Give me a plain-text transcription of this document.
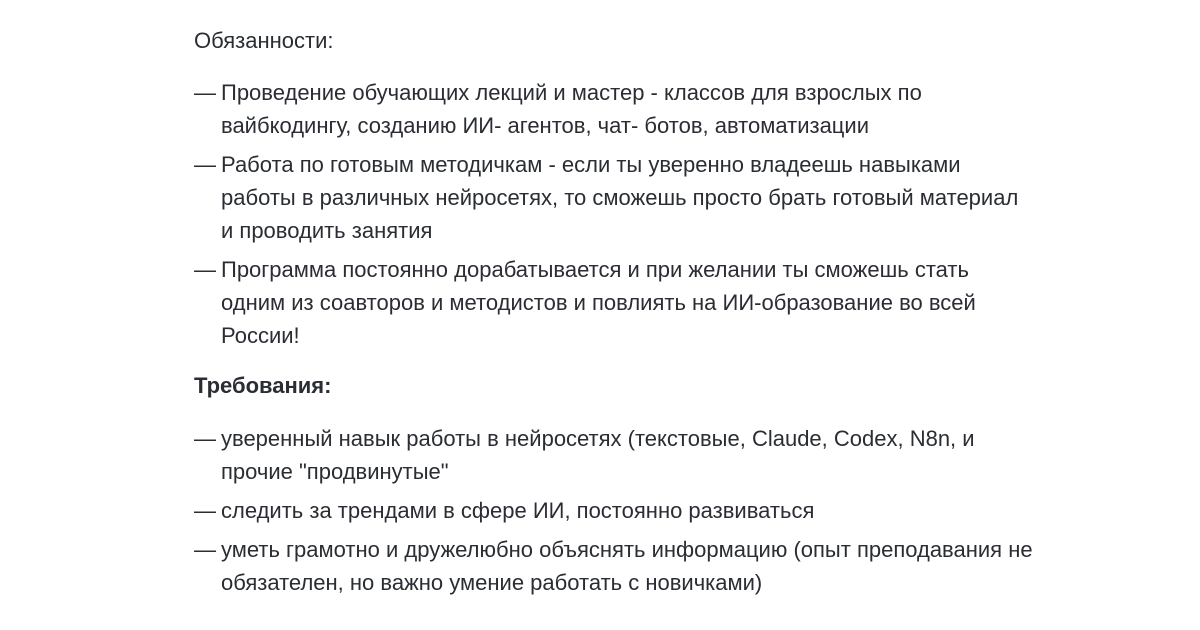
Обязанности:

— Проведение обучающих лекций и мастер - классов для взрослых по вайбкодингу, созданию ИИ- агентов, чат- ботов, автоматизации
— Работа по готовым методичкам - если ты уверенно владеешь навыками работы в различных нейросетях, то сможешь просто брать готовый материал и проводить занятия
— Программа постоянно дорабатывается и при желании ты сможешь стать одним из соавторов и методистов и повлиять на ИИ-образование во всей России!

Требования:

— уверенный навык работы в нейросетях (текстовые, Claude, Codex, N8n, и прочие "продвинутые"
— следить за трендами в сфере ИИ, постоянно развиваться
— уметь грамотно и дружелюбно объяснять информацию (опыт преподавания не обязателен, но важно умение работать с новичками)
